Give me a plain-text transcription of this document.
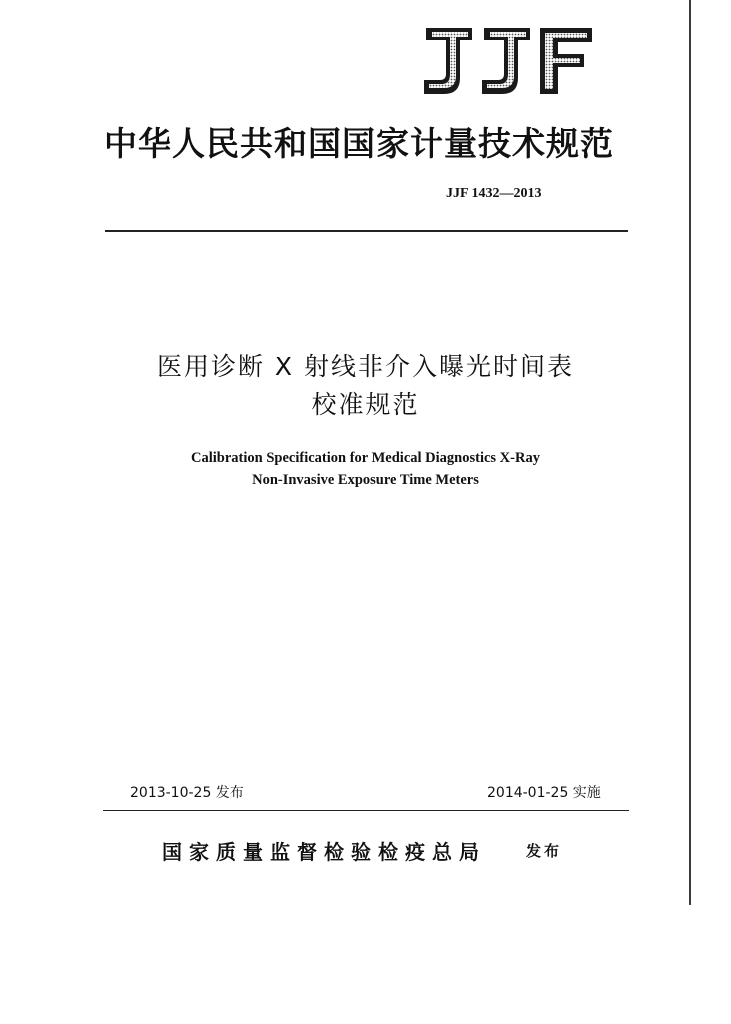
中华人民共和国国家计量技术规范
JJF 1432—2013
医用诊断 X 射线非介入曝光时间表
校准规范
Calibration Specification for Medical Diagnostics X-Ray
Non-Invasive Exposure Time Meters
2013-10-25 发布	2014-01-25 实施
国家质量监督检验检疫总局	发布
